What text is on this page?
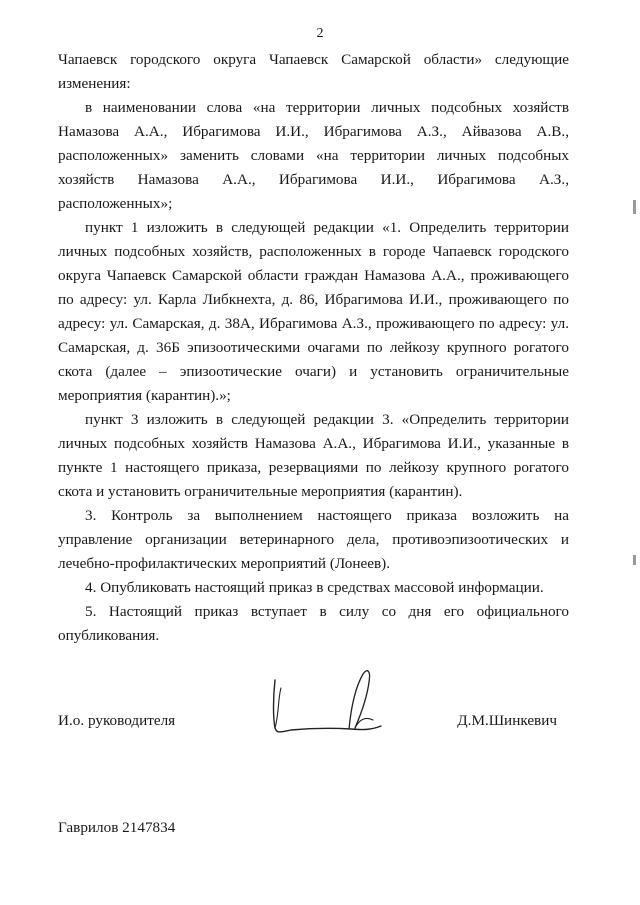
2

Чапаевск городского округа Чапаевск Самарской области» следующие изменения:

в наименовании слова «на территории личных подсобных хозяйств Намазова А.А., Ибрагимова И.И., Ибрагимова А.З., Айвазова А.В., расположенных» заменить словами «на территории личных подсобных хозяйств Намазова А.А., Ибрагимова И.И., Ибрагимова А.З., расположенных»;

пункт 1 изложить в следующей редакции «1. Определить территории личных подсобных хозяйств, расположенных в городе Чапаевск городского округа Чапаевск Самарской области граждан Намазова А.А., проживающего по адресу: ул. Карла Либкнехта, д. 86, Ибрагимова И.И., проживающего по адресу: ул. Самарская, д. 38А, Ибрагимова А.З., проживающего по адресу: ул. Самарская, д. 36Б эпизоотическими очагами по лейкозу крупного рогатого скота (далее – эпизоотические очаги) и установить ограничительные мероприятия (карантин).»;

пункт 3 изложить в следующей редакции 3. «Определить территории личных подсобных хозяйств Намазова А.А., Ибрагимова И.И., указанные в пункте 1 настоящего приказа, резервациями по лейкозу крупного рогатого скота и установить ограничительные мероприятия (карантин).

3. Контроль за выполнением настоящего приказа возложить на управление организации ветеринарного дела, противоэпизоотических и лечебно-профилактических мероприятий (Лонеев).

4. Опубликовать настоящий приказ в средствах массовой информации.

5. Настоящий приказ вступает в силу со дня его официального опубликования.

И.о. руководителя	Д.М.Шинкевич
Гаврилов 2147834
